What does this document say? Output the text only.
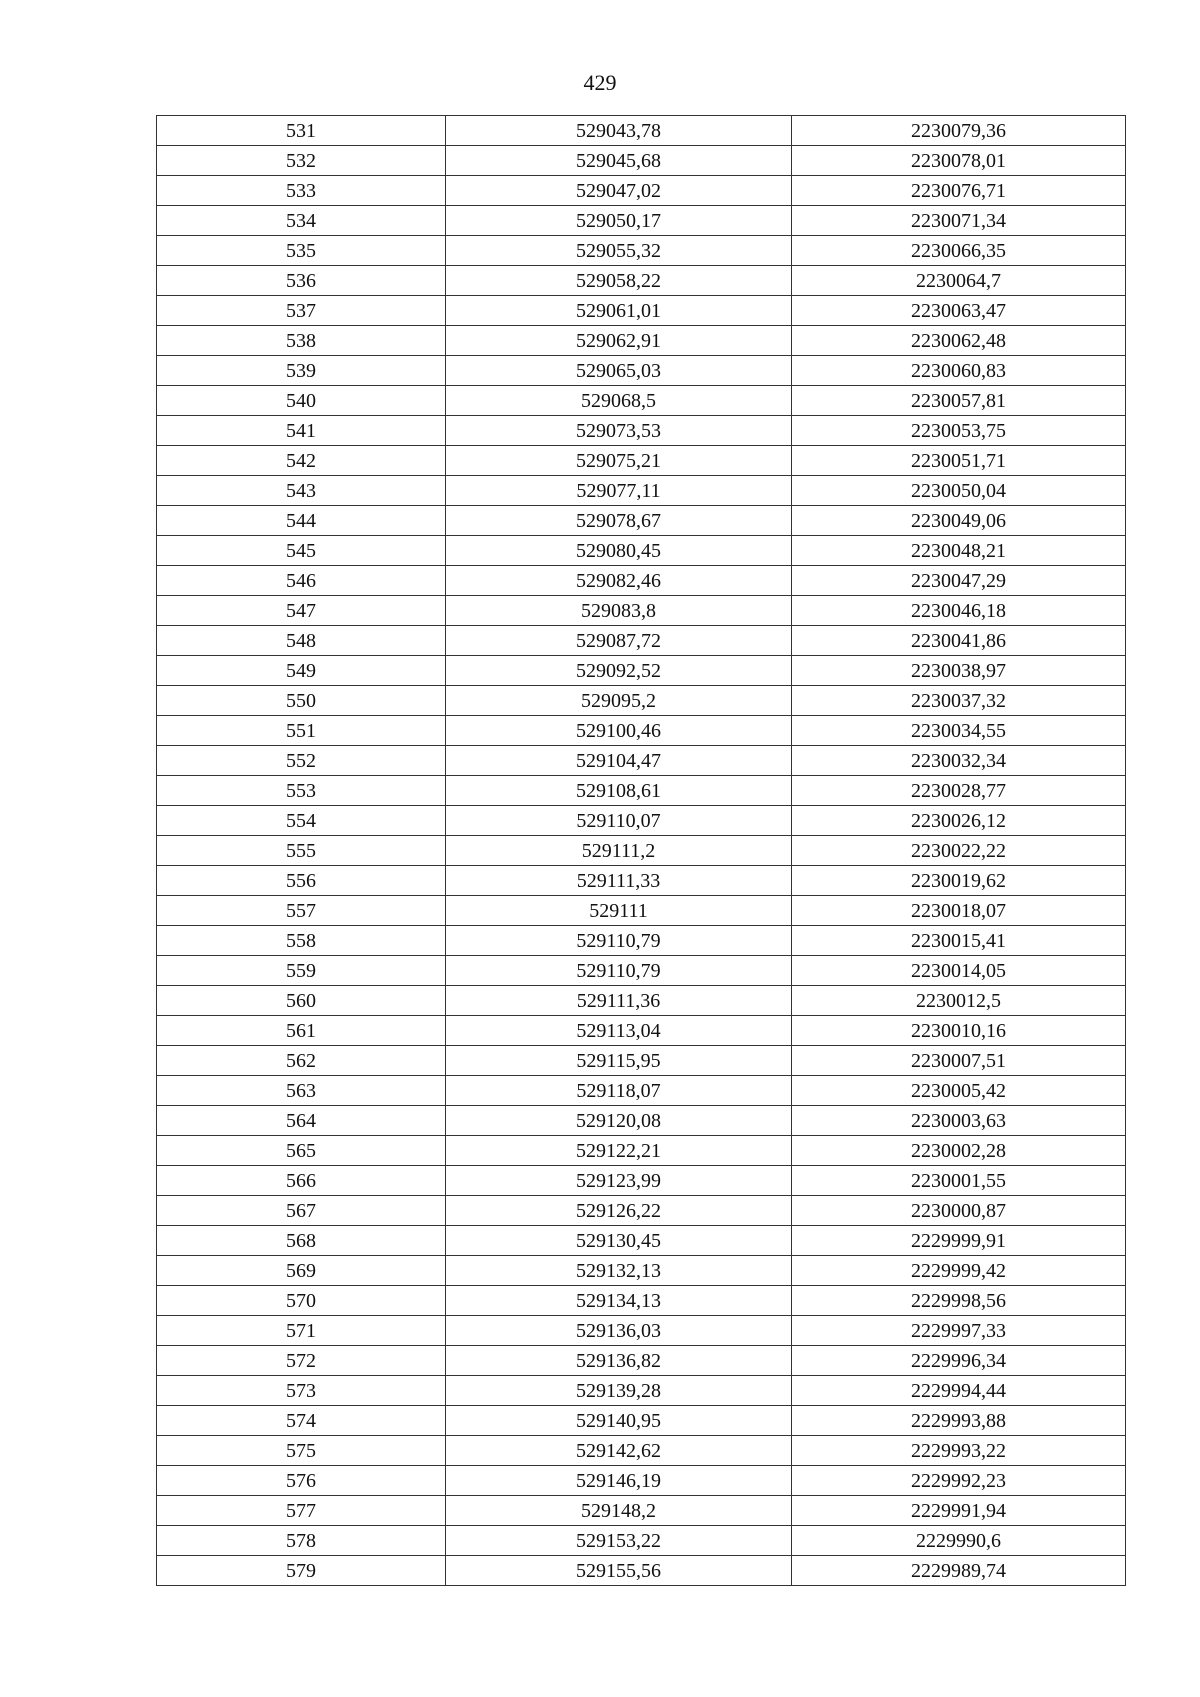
429
531	529043,78	2230079,36
532	529045,68	2230078,01
533	529047,02	2230076,71
534	529050,17	2230071,34
535	529055,32	2230066,35
536	529058,22	2230064,7
537	529061,01	2230063,47
538	529062,91	2230062,48
539	529065,03	2230060,83
540	529068,5	2230057,81
541	529073,53	2230053,75
542	529075,21	2230051,71
543	529077,11	2230050,04
544	529078,67	2230049,06
545	529080,45	2230048,21
546	529082,46	2230047,29
547	529083,8	2230046,18
548	529087,72	2230041,86
549	529092,52	2230038,97
550	529095,2	2230037,32
551	529100,46	2230034,55
552	529104,47	2230032,34
553	529108,61	2230028,77
554	529110,07	2230026,12
555	529111,2	2230022,22
556	529111,33	2230019,62
557	529111	2230018,07
558	529110,79	2230015,41
559	529110,79	2230014,05
560	529111,36	2230012,5
561	529113,04	2230010,16
562	529115,95	2230007,51
563	529118,07	2230005,42
564	529120,08	2230003,63
565	529122,21	2230002,28
566	529123,99	2230001,55
567	529126,22	2230000,87
568	529130,45	2229999,91
569	529132,13	2229999,42
570	529134,13	2229998,56
571	529136,03	2229997,33
572	529136,82	2229996,34
573	529139,28	2229994,44
574	529140,95	2229993,88
575	529142,62	2229993,22
576	529146,19	2229992,23
577	529148,2	2229991,94
578	529153,22	2229990,6
579	529155,56	2229989,74
